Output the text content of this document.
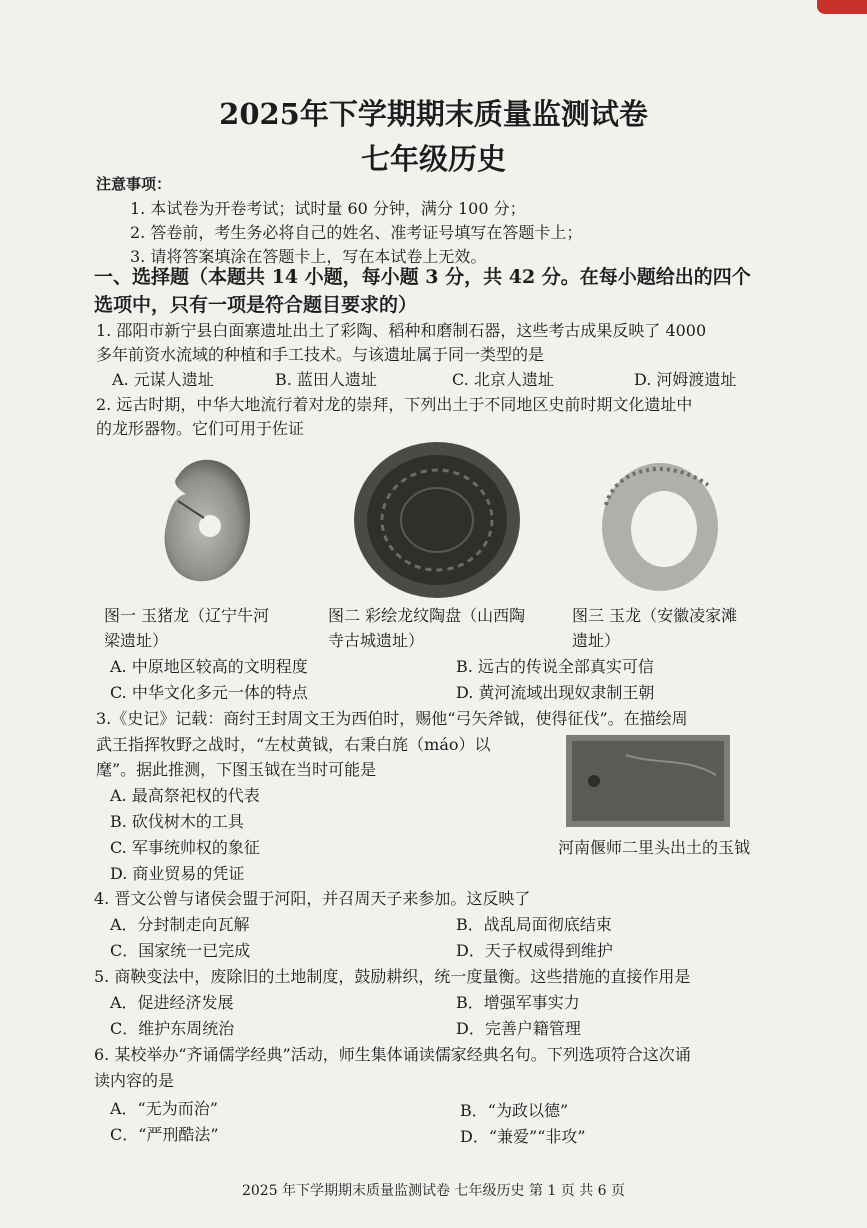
2025年下学期期末质量监测试卷
七年级历史
注意事项：
1. 本试卷为开卷考试；试时量 60 分钟，满分 100 分；
2. 答卷前，考生务必将自己的姓名、准考证号填写在答题卡上；
3. 请将答案填涂在答题卡上，写在本试卷上无效。
一、选择题（本题共 14 小题，每小题 3 分，共 42 分。在每小题给出的四个
选项中，只有一项是符合题目要求的）
1. 邵阳市新宁县白面寨遗址出土了彩陶、稻种和磨制石器，这些考古成果反映了 4000
多年前资水流域的种植和手工技术。与该遗址属于同一类型的是
A. 元谋人遗址	B. 蓝田人遗址	C. 北京人遗址	D. 河姆渡遗址
2. 远古时期，中华大地流行着对龙的崇拜，下列出土于不同地区史前时期文化遗址中
的龙形器物。它们可用于佐证
图一 玉猪龙（辽宁牛河
梁遗址）
图二 彩绘龙纹陶盘（山西陶
寺古城遗址）
图三 玉龙（安徽凌家滩
遗址）
A. 中原地区较高的文明程度	B. 远古的传说全部真实可信
C. 中华文化多元一体的特点	D. 黄河流域出现奴隶制王朝
3.《史记》记载：商纣王封周文王为西伯时，赐他“弓矢斧钺，使得征伐”。在描绘周
武王指挥牧野之战时，“左杖黄钺，右秉白旄（máo）以
麾”。据此推测，下图玉钺在当时可能是
A. 最高祭祀权的代表
B. 砍伐树木的工具
C. 军事统帅权的象征
D. 商业贸易的凭证
河南偃师二里头出土的玉钺
4. 晋文公曾与诸侯会盟于河阳，并召周天子来参加。这反映了
A．分封制走向瓦解	B．战乱局面彻底结束
C．国家统一已完成	D．天子权威得到维护
5. 商鞅变法中，废除旧的土地制度，鼓励耕织，统一度量衡。这些措施的直接作用是
A．促进经济发展	B．增强军事实力
C．维护东周统治	D．完善户籍管理
6. 某校举办“齐诵儒学经典”活动，师生集体诵读儒家经典名句。下列选项符合这次诵
读内容的是
A．“无为而治”	B．“为政以德”
C．“严刑酷法”	D．“兼爱”“非攻”
2025 年下学期期末质量监测试卷 七年级历史 第 1 页 共 6 页
